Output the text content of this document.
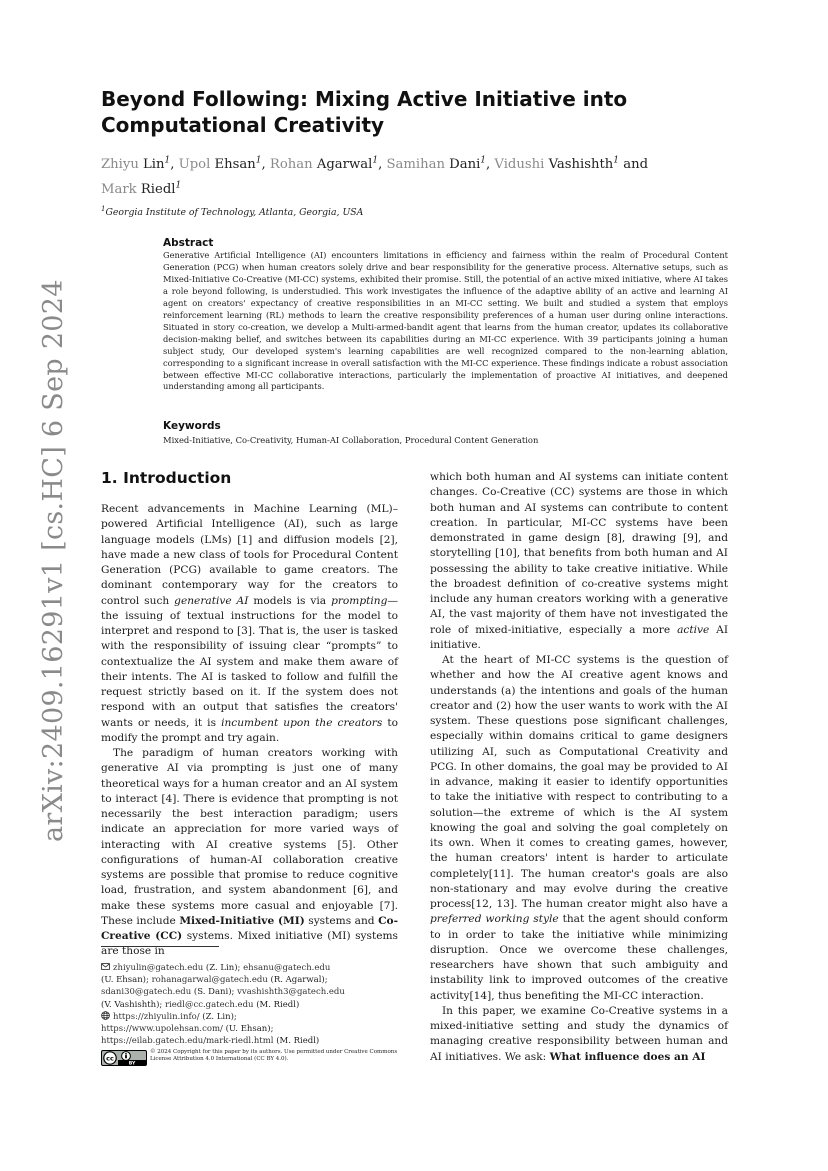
arXiv:2409.16291v1 [cs.HC] 6 Sep 2024
Beyond Following: Mixing Active Initiative into Computational Creativity
Zhiyu Lin$^1$, Upol Ehsan$^1$, Rohan Agarwal$^1$, Samihan Dani$^1$, Vidushi Vashishth$^1$ and
Mark Riedl$^1$
$^1$Georgia Institute of Technology, Atlanta, Georgia, USA
Abstract
Generative Artificial Intelligence (AI) encounters limitations in efficiency and fairness within the realm of Procedural Content Generation (PCG) when human creators solely drive and bear responsibility for the generative process. Alternative setups, such as Mixed-Initiative Co-Creative (MI-CC) systems, exhibited their promise. Still, the potential of an active mixed initiative, where AI takes a role beyond following, is understudied. This work investigates the influence of the adaptive ability of an active and learning AI agent on creators' expectancy of creative responsibilities in an MI-CC setting. We built and studied a system that employs reinforcement learning (RL) methods to learn the creative responsibility preferences of a human user during online interactions. Situated in story co-creation, we develop a Multi-armed-bandit agent that learns from the human creator, updates its collaborative decision-making belief, and switches between its capabilities during an MI-CC experience. With 39 participants joining a human subject study, Our developed system's learning capabilities are well recognized compared to the non-learning ablation, corresponding to a significant increase in overall satisfaction with the MI-CC experience. These findings indicate a robust association between effective MI-CC collaborative interactions, particularly the implementation of proactive AI initiatives, and deepened understanding among all participants.
Keywords
Mixed-Initiative, Co-Creativity, Human-AI Collaboration, Procedural Content Generation
1. Introduction

Recent advancements in Machine Learning (ML)–powered Artificial Intelligence (AI), such as large language models (LMs) [1] and diffusion models [2], have made a new class of tools for Procedural Content Generation (PCG) available to game creators. The dominant contemporary way for the creators to control such generative AI models is via prompting—the issuing of textual instructions for the model to interpret and respond to [3]. That is, the user is tasked with the responsibility of issuing clear “prompts” to contextualize the AI system and make them aware of their intents. The AI is tasked to follow and fulfill the request strictly based on it. If the system does not respond with an output that satisfies the creators' wants or needs, it is incumbent upon the creators to modify the prompt and try again.

The paradigm of human creators working with generative AI via prompting is just one of many theoretical ways for a human creator and an AI system to interact [4]. There is evidence that prompting is not necessarily the best interaction paradigm; users indicate an appreciation for more varied ways of interacting with AI creative systems [5]. Other configurations of human-AI collaboration creative systems are possible that promise to reduce cognitive load, frustration, and system abandonment [6], and make these systems more casual and enjoyable [7]. These include Mixed-Initiative (MI) systems and Co-Creative (CC) systems. Mixed initiative (MI) systems are those in

which both human and AI systems can initiate content changes. Co-Creative (CC) systems are those in which both human and AI systems can contribute to content creation. In particular, MI-CC systems have been demonstrated in game design [8], drawing [9], and storytelling [10], that benefits from both human and AI possessing the ability to take creative initiative. While the broadest definition of co-creative systems might include any human creators working with a generative AI, the vast majority of them have not investigated the role of mixed-initiative, especially a more active AI initiative.

At the heart of MI-CC systems is the question of whether and how the AI creative agent knows and understands (a) the intentions and goals of the human creator and (2) how the user wants to work with the AI system. These questions pose significant challenges, especially within domains critical to game designers utilizing AI, such as Computational Creativity and PCG. In other domains, the goal may be provided to AI in advance, making it easier to identify opportunities to take the initiative with respect to contributing to a solution—the extreme of which is the AI system knowing the goal and solving the goal completely on its own. When it comes to creating games, however, the human creators' intent is harder to articulate completely[11]. The human creator's goals are also non-stationary and may evolve during the creative process[12, 13]. The human creator might also have a preferred working style that the agent should conform to in order to take the initiative while minimizing disruption. Once we overcome these challenges, researchers have shown that such ambiguity and instability link to improved outcomes of the creative activity[14], thus benefiting the MI-CC interaction.

In this paper, we examine Co-Creative systems in a mixed-initiative setting and study the dynamics of managing creative responsibility between human and AI initiatives. We ask: What influence does an AI

zhiyulin@gatech.edu (Z. Lin); ehsanu@gatech.edu
(U. Ehsan); rohanagarwal@gatech.edu (R. Agarwal);
sdani30@gatech.edu (S. Dani); vvashishth3@gatech.edu
(V. Vashishth); riedl@cc.gatech.edu (M. Riedl)
https://zhiyulin.info/ (Z. Lin);
https://www.upolehsan.com/ (U. Ehsan);
https://eilab.gatech.edu/mark-riedl.html (M. Riedl)
cc
BY
© 2024 Copyright for this paper by its authors. Use permitted under Creative Commons License Attribution 4.0 International (CC BY 4.0).
